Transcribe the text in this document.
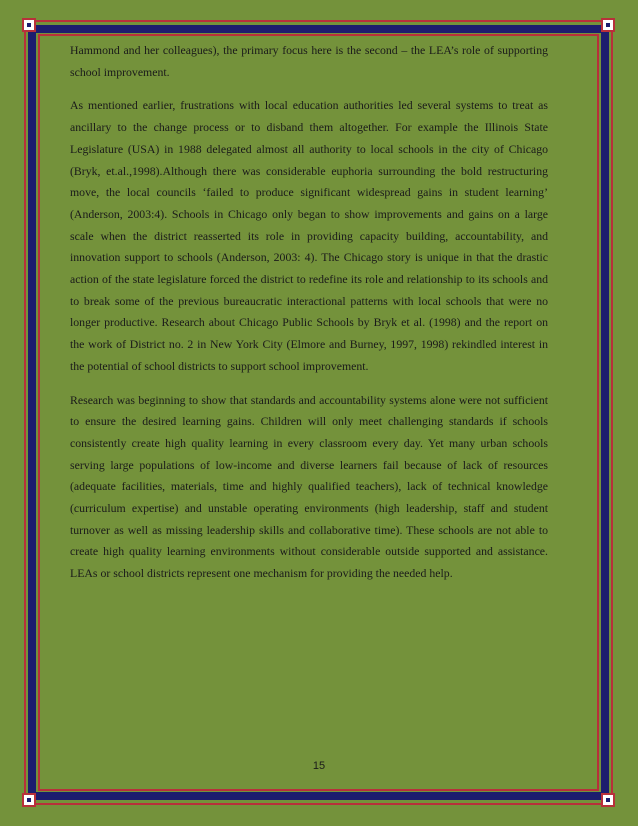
Hammond and her colleagues), the primary focus here is the second – the LEA’s role of supporting school improvement.

As mentioned earlier, frustrations with local education authorities led several systems to treat as ancillary to the change process or to disband them altogether. For example the Illinois State Legislature (USA) in 1988 delegated almost all authority to local schools in the city of Chicago (Bryk, et.al.,1998).Although there was considerable euphoria surrounding the bold restructuring move, the local councils ‘failed to produce significant widespread gains in student learning’ (Anderson, 2003:4). Schools in Chicago only began to show improvements and gains on a large scale when the district reasserted its role in providing capacity building, accountability, and innovation support to schools (Anderson, 2003: 4). The Chicago story is unique in that the drastic action of the state legislature forced the district to redefine its role and relationship to its schools and to break some of the previous bureaucratic interactional patterns with local schools that were no longer productive. Research about Chicago Public Schools by Bryk et al. (1998) and the report on the work of District no. 2 in New York City (Elmore and Burney, 1997, 1998) rekindled interest in the potential of school districts to support school improvement.

Research was beginning to show that standards and accountability systems alone were not sufficient to ensure the desired learning gains. Children will only meet challenging standards if schools consistently create high quality learning in every classroom every day. Yet many urban schools serving large populations of low-income and diverse learners fail because of lack of resources (adequate facilities, materials, time and highly qualified teachers), lack of technical knowledge (curriculum expertise) and unstable operating environments (high leadership, staff and student turnover as well as missing leadership skills and collaborative time). These schools are not able to create high quality learning environments without considerable outside supported and assistance. LEAs or school districts represent one mechanism for providing the needed help.

15
